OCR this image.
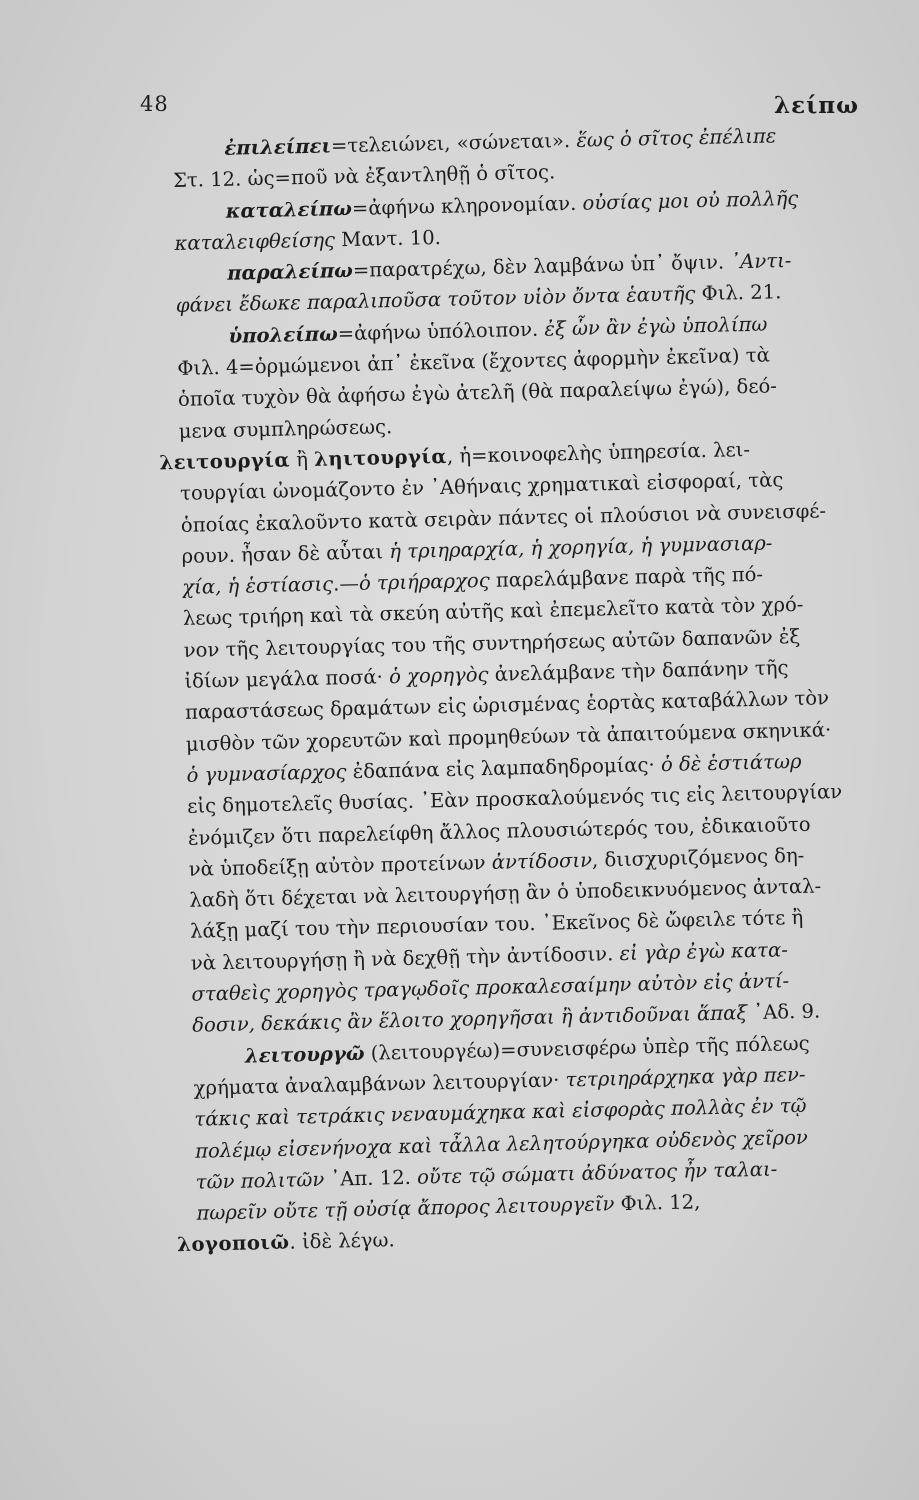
48	λείπω
ἐπιλείπει=τελειώνει, «σώνεται». ἕως ὁ σῖτος ἐπέλιπε
Στ. 12. ὡς=ποῦ νὰ ἐξαντληθῇ ὁ σῖτος.
καταλείπω=ἀφήνω κληρονομίαν. οὐσίας μοι οὐ πολλῆς
καταλειφθείσης Μαντ. 10.
παραλείπω=παρατρέχω, δὲν λαμβάνω ὑπ᾽ ὄψιν. ᾽Αντι-
φάνει ἔδωκε παραλιποῦσα τοῦτον υἱὸν ὄντα ἑαυτῆς Φιλ. 21.
ὑπολείπω=ἀφήνω ὑπόλοιπον. ἐξ ὧν ἂν ἐγὼ ὑπολίπω
Φιλ. 4=ὁρμώμενοι ἀπ᾽ ἐκεῖνα (ἔχοντες ἀφορμὴν ἐκεῖνα) τὰ
ὁποῖα τυχὸν θὰ ἀφήσω ἐγὼ ἀτελῆ (θὰ παραλείψω ἐγώ), δεό-
μενα συμπληρώσεως.
λειτουργία ἢ ληιτουργία, ἡ=κοινοφελὴς ὑπηρεσία. λει-
τουργίαι ὠνομάζοντο ἐν ᾽Αθήναις χρηματικαὶ εἰσφοραί, τὰς
ὁποίας ἐκαλοῦντο κατὰ σειρὰν πάντες οἱ πλούσιοι νὰ συνεισφέ-
ρουν. ἦσαν δὲ αὗται ἡ τριηραρχία, ἡ χορηγία, ἡ γυμνασιαρ-
χία, ἡ ἑστίασις.—ὁ τριήραρχος παρελάμβανε παρὰ τῆς πό-
λεως τριήρη καὶ τὰ σκεύη αὐτῆς καὶ ἐπεμελεῖτο κατὰ τὸν χρό-
νον τῆς λειτουργίας του τῆς συντηρήσεως αὐτῶν δαπανῶν ἐξ
ἰδίων μεγάλα ποσά· ὁ χορηγὸς ἀνελάμβανε τὴν δαπάνην τῆς
παραστάσεως δραμάτων εἰς ὡρισμένας ἑορτὰς καταβάλλων τὸν
μισθὸν τῶν χορευτῶν καὶ προμηθεύων τὰ ἀπαιτούμενα σκηνικά·
ὁ γυμνασίαρχος ἐδαπάνα εἰς λαμπαδηδρομίας· ὁ δὲ ἑστιάτωρ
εἰς δημοτελεῖς θυσίας. ᾽Εὰν προσκαλούμενός τις εἰς λειτουργίαν
ἐνόμιζεν ὅτι παρελείφθη ἄλλος πλουσιώτερός του, ἐδικαιοῦτο
νὰ ὑποδείξῃ αὐτὸν προτείνων ἀντίδοσιν, διισχυριζόμενος δη-
λαδὴ ὅτι δέχεται νὰ λειτουργήσῃ ἂν ὁ ὑποδεικνυόμενος ἀνταλ-
λάξῃ μαζί του τὴν περιουσίαν του. ᾽Εκεῖνος δὲ ὤφειλε τότε ἢ
νὰ λειτουργήσῃ ἢ νὰ δεχθῇ τὴν ἀντίδοσιν. εἰ γὰρ ἐγὼ κατα-
σταθεὶς χορηγὸς τραγῳδοῖς προκαλεσαίμην αὐτὸν εἰς ἀντί-
δοσιν, δεκάκις ἂν ἕλοιτο χορηγῆσαι ἢ ἀντιδοῦναι ἅπαξ ᾽Αδ. 9.
λειτουργῶ (λειτουργέω)=συνεισφέρω ὑπὲρ τῆς πόλεως
χρήματα ἀναλαμβάνων λειτουργίαν· τετριηράρχηκα γὰρ πεν-
τάκις καὶ τετράκις νεναυμάχηκα καὶ εἰσφορὰς πολλὰς ἐν τῷ
πολέμῳ εἰσενήνοχα καὶ τἆλλα λελητούργηκα οὐδενὸς χεῖρον
τῶν πολιτῶν ᾽Απ. 12. οὔτε τῷ σώματι ἀδύνατος ἦν ταλαι-
πωρεῖν οὔτε τῇ οὐσίᾳ ἄπορος λειτουργεῖν Φιλ. 12,
λογοποιῶ. ἰδὲ λέγω.
